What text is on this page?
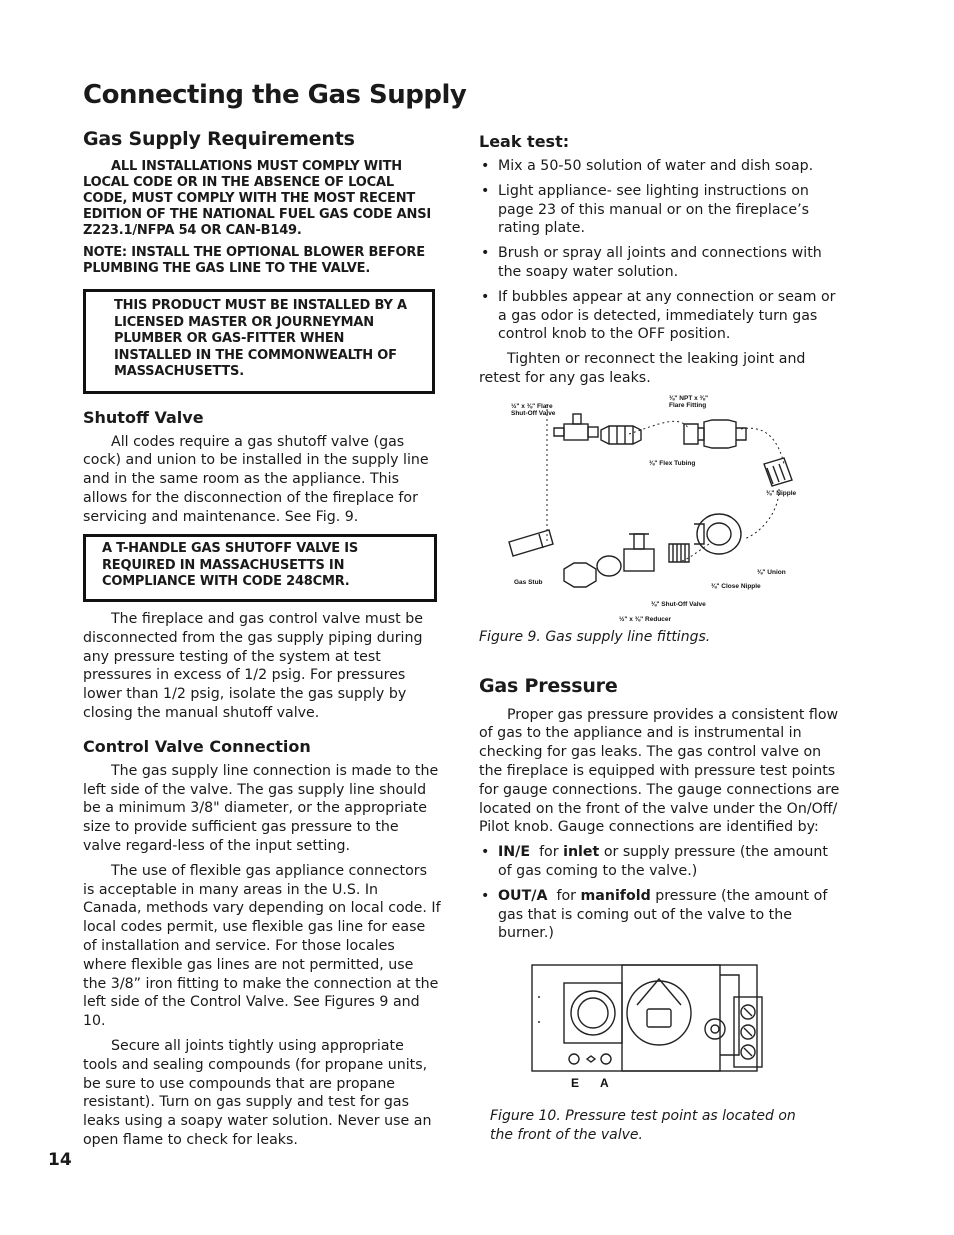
Connecting the Gas Supply
Gas Supply Requirements

ALL INSTALLATIONS MUST COMPLY WITH LOCAL CODE OR IN THE ABSENCE OF LOCAL CODE, MUST COMPLY WITH THE MOST RECENT EDITION OF THE NATIONAL FUEL GAS CODE ANSI Z223.1/NFPA 54 OR CAN-B149.

NOTE: INSTALL THE OPTIONAL BLOWER BEFORE PLUMBING THE GAS LINE TO THE VALVE.

THIS PRODUCT MUST BE INSTALLED BY A LICENSED MASTER OR JOURNEYMAN PLUMBER OR GAS-FITTER WHEN INSTALLED IN THE COMMONWEALTH OF MASSACHUSETTS.

Shutoff Valve

All codes require a gas shutoff valve (gas cock) and union to be installed in the supply line and in the same room as the appliance. This allows for the disconnection of the fireplace for servicing and maintenance. See Fig. 9.

A T-HANDLE GAS SHUTOFF VALVE IS REQUIRED IN MASSACHUSETTS IN COMPLIANCE WITH CODE 248CMR.

The fireplace and gas control valve must be disconnected from the gas supply piping during any pressure testing of the system at test pressures in excess of 1/2 psig. For pressures lower than 1/2 psig, isolate the gas supply by closing the manual shutoff valve.

Control Valve Connection

The gas supply line connection is made to the left side of the valve. The gas supply line should be a minimum 3/8" diameter, or the appropriate size to provide sufficient gas pressure to the valve regard-less of the input setting.

The use of flexible gas appliance connectors is acceptable in many areas in the U.S. In Canada, methods vary depending on local code. If local codes permit, use flexible gas line for ease of installation and service. For those locales where flexible gas lines are not permitted, use the 3/8” iron fitting to make the connection at the left side of the Control Valve. See Figures 9 and 10.

Secure all joints tightly using appropriate tools and sealing compounds (for propane units, be sure to use compounds that are propane resistant). Turn on gas supply and test for gas leaks using a soapy water solution. Never use an open flame to check for leaks.

Leak test:
• Mix a 50-50 solution of water and dish soap.
• Light appliance- see lighting instructions on page 23 of this manual or on the fireplace’s rating plate.
• Brush or spray all joints and connections with the soapy water solution.
• If bubbles appear at any connection or seam or a gas odor is detected, immediately turn gas control knob to the OFF position.

Tighten or reconnect the leaking joint and retest for any gas leaks.

½" x ⅜" Flare
Shut-Off Valve
⅜" NPT x ⅜"
Flare Fitting
⅜" Flex Tubing
⅜" Nipple
⅜" Union
⅜" Close Nipple
⅜" Shut-Off Valve
½" x ⅜" Reducer
Gas Stub

Figure 9. Gas supply line fittings.

Gas Pressure

Proper gas pressure provides a consistent flow of gas to the appliance and is instrumental in checking for gas leaks. The gas control valve on the fireplace is equipped with pressure test points for gauge connections. The gauge connections are located on the front of the valve under the On/Off/ Pilot knob. Gauge connections are identified by:

• IN/E for inlet or supply pressure (the amount of gas coming to the valve.)
• OUT/A for manifold pressure (the amount of gas that is coming out of the valve to the burner.)
E A

Figure 10. Pressure test point as located on the front of the valve.

14
